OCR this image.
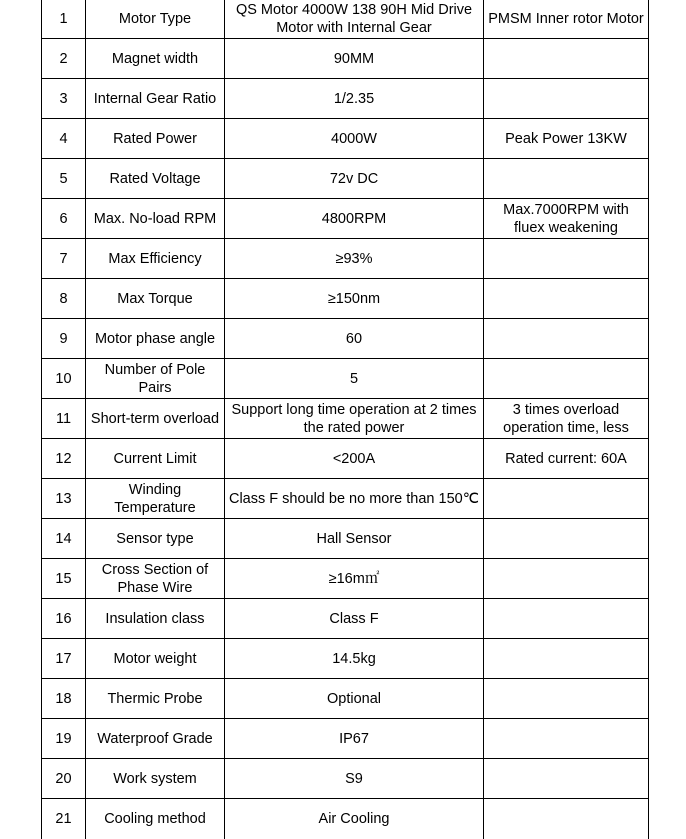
1	Motor Type	QS Motor 4000W 138 90H Mid Drive Motor with Internal Gear	PMSM Inner rotor Motor

2	Magnet width	90MM	

3	Internal Gear Ratio	1/2.35	

4	Rated Power	4000W	Peak Power 13KW

5	Rated Voltage	72v DC	

6	Max. No-load RPM	4800RPM	Max.7000RPM with fluex weakening

7	Max Efficiency	≥93%	

8	Max Torque	≥150nm	

9	Motor phase angle	60	

10	Number of Pole Pairs	5	

11	Short-term overload	Support long time operation at 2 times the rated power	3 times overload operation time, less

12	Current Limit	<200A	Rated current: 60A

13	Winding Temperature	Class F should be no more than 150℃	

14	Sensor type	Hall Sensor	

15	Cross Section of Phase Wire	≥16m㎡	

16	Insulation class	Class F	

17	Motor weight	14.5kg	

18	Thermic Probe	Optional	

19	Waterproof Grade	IP67	

20	Work system	S9	

21	Cooling method	Air Cooling	
